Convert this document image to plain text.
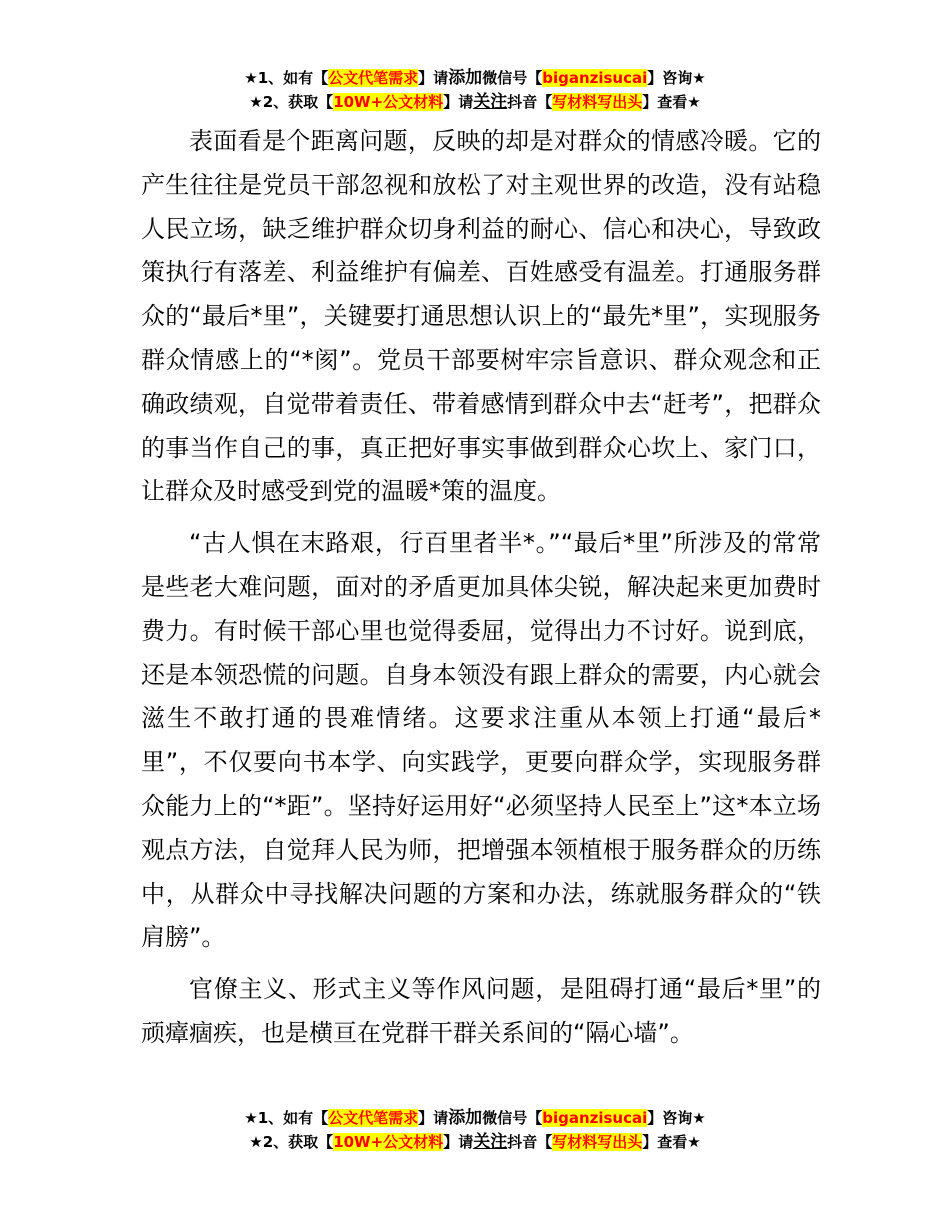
★1、如有【公文代笔需求】请添加微信号【biganzisucai】咨询★
★2、获取【10W+公文材料】请关注抖音【写材料写出头】查看★

表面看是个距离问题，反映的却是对群众的情感冷暖。它的产生往往是党员干部忽视和放松了对主观世界的改造，没有站稳人民立场，缺乏维护群众切身利益的耐心、信心和决心，导致政策执行有落差、利益维护有偏差、百姓感受有温差。打通服务群众的“最后*里”，关键要打通思想认识上的“最先*里”，实现服务群众情感上的“*阂”。党员干部要树牢宗旨意识、群众观念和正确政绩观，自觉带着责任、带着感情到群众中去“赶考”，把群众的事当作自己的事，真正把好事实事做到群众心坎上、家门口，让群众及时感受到党的温暖*策的温度。

“古人惧在末路艰，行百里者半*。”“最后*里”所涉及的常常是些老大难问题，面对的矛盾更加具体尖锐，解决起来更加费时费力。有时候干部心里也觉得委屈，觉得出力不讨好。说到底，还是本领恐慌的问题。自身本领没有跟上群众的需要，内心就会滋生不敢打通的畏难情绪。这要求注重从本领上打通“最后*里”，不仅要向书本学、向实践学，更要向群众学，实现服务群众能力上的“*距”。坚持好运用好“必须坚持人民至上”这*本立场观点方法，自觉拜人民为师，把增强本领植根于服务群众的历练中，从群众中寻找解决问题的方案和办法，练就服务群众的“铁肩膀”。

官僚主义、形式主义等作风问题，是阻碍打通“最后*里”的顽瘴痼疾，也是横亘在党群干群关系间的“隔心墙”。

★1、如有【公文代笔需求】请添加微信号【biganzisucai】咨询★
★2、获取【10W+公文材料】请关注抖音【写材料写出头】查看★
